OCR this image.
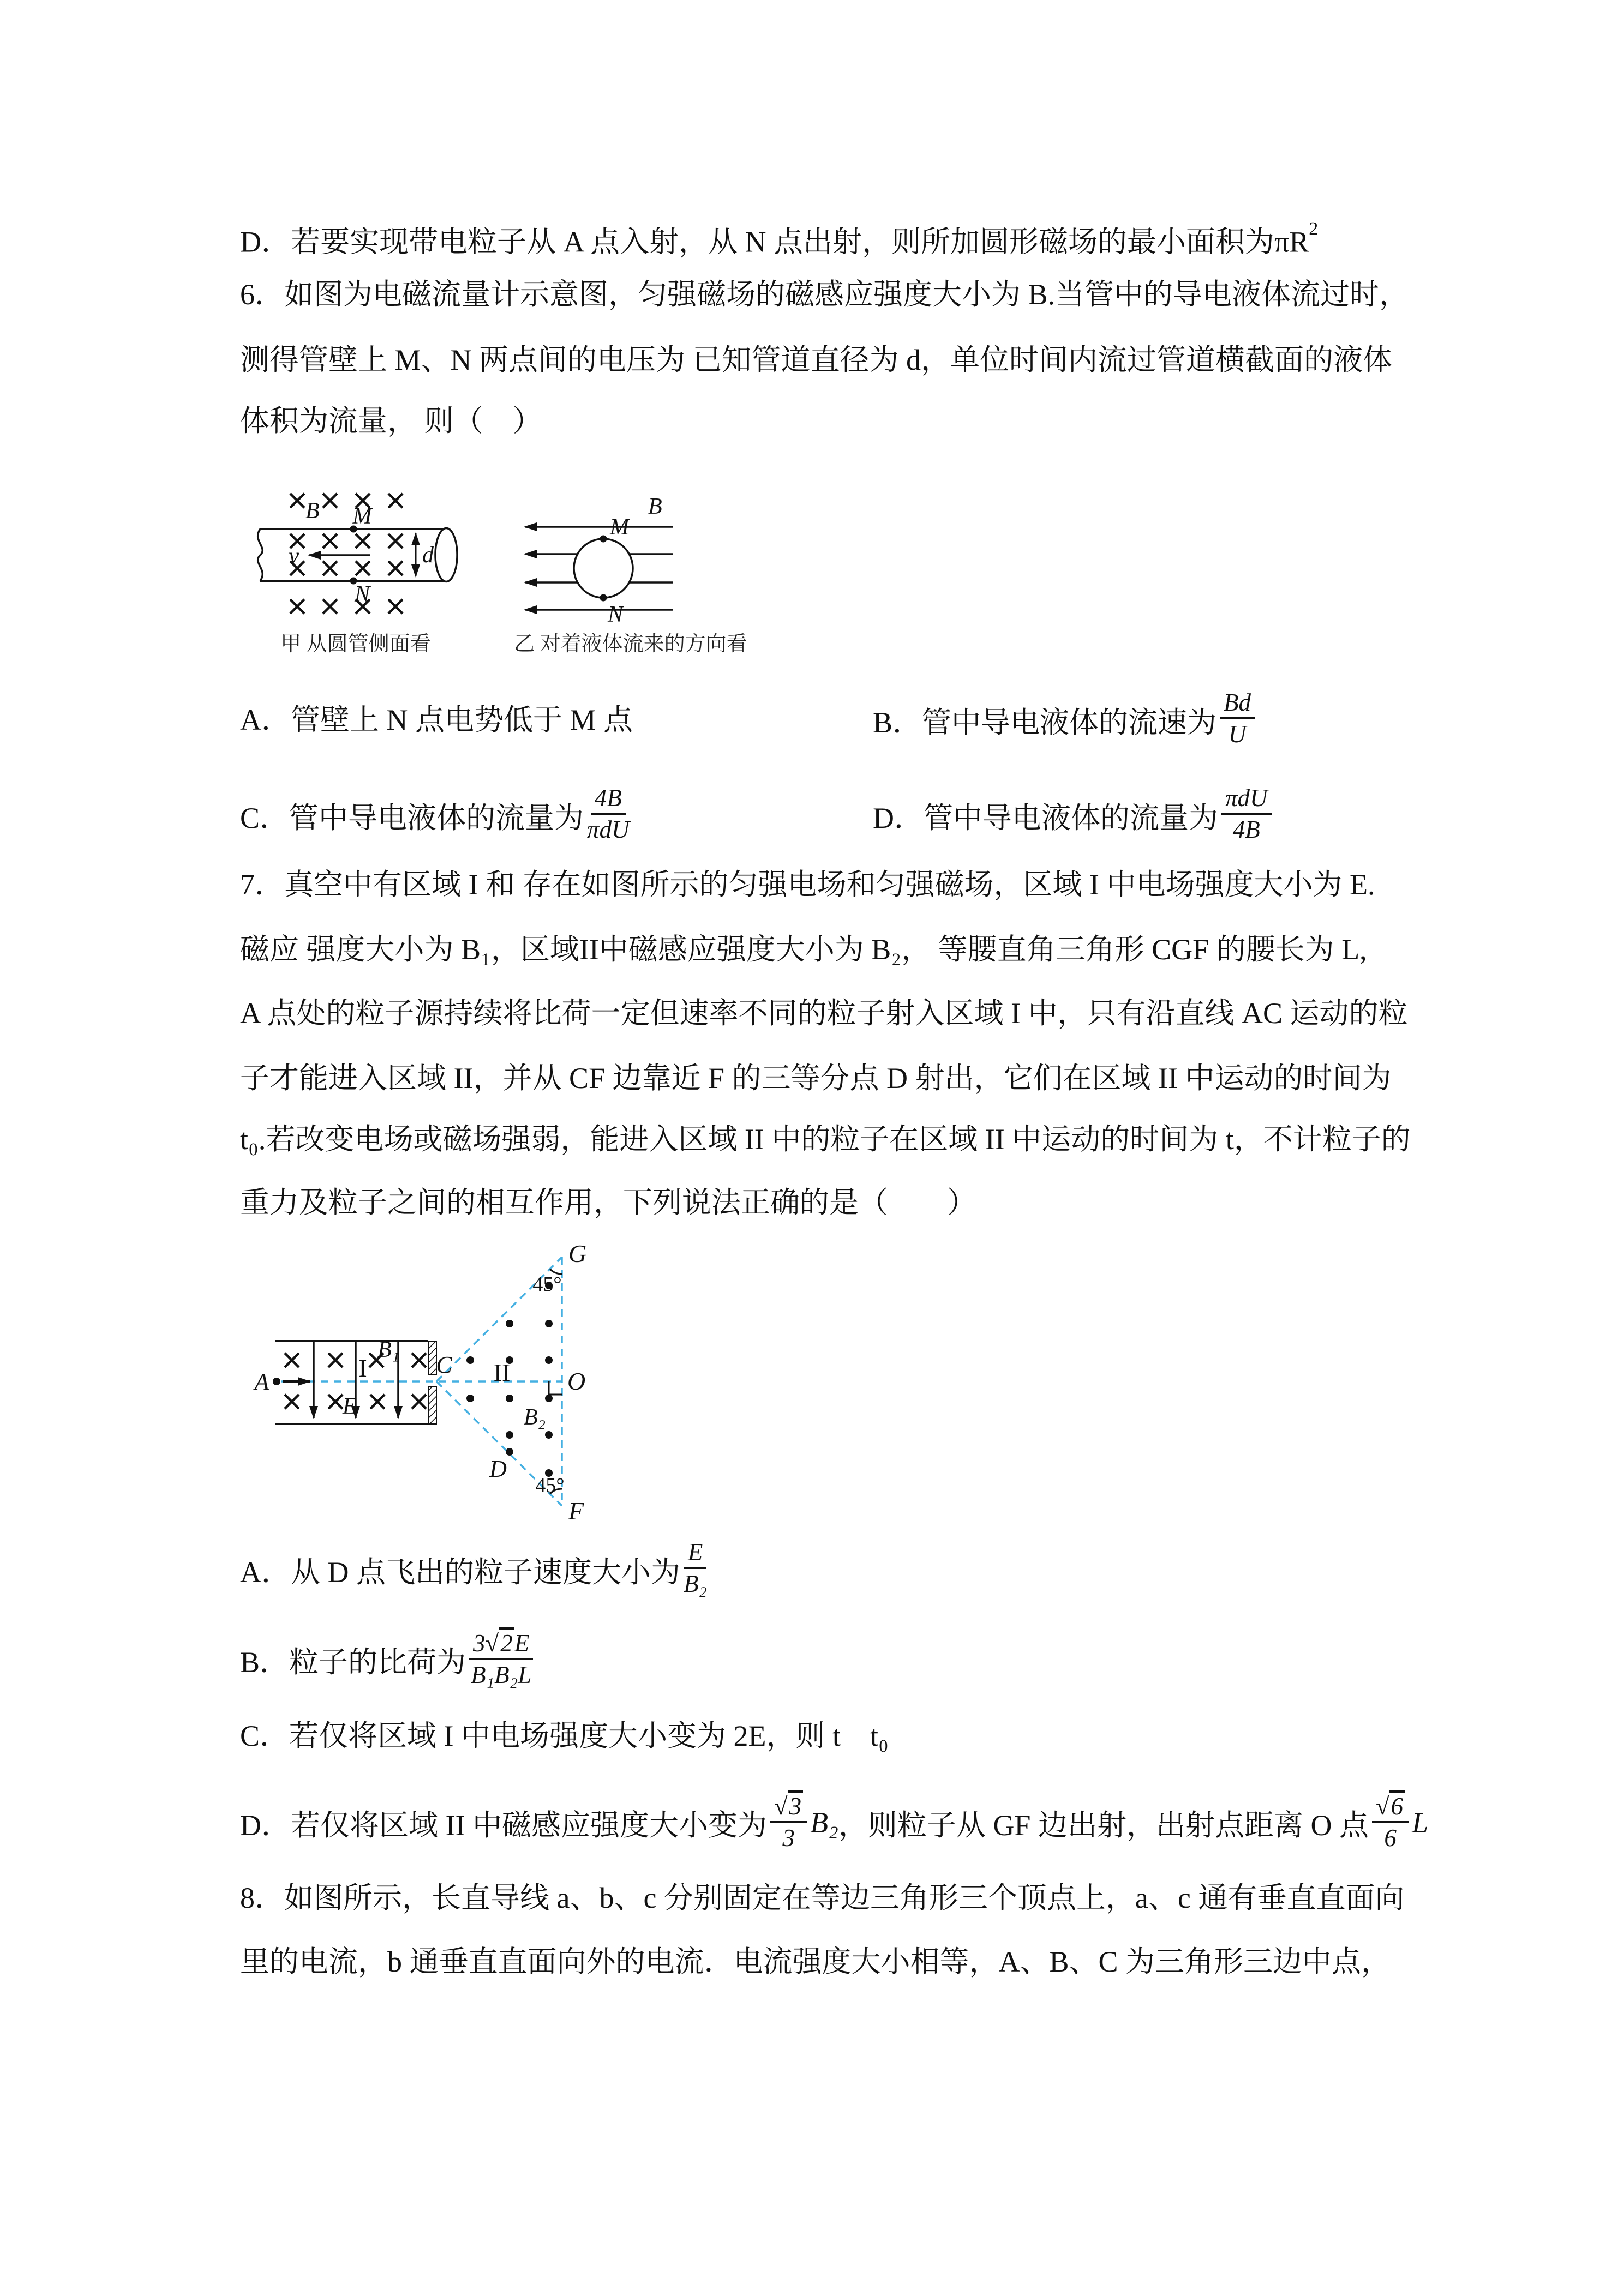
D．若要实现带电粒子从 A 点入射，从 N 点出射，则所加圆形磁场的最小面积为$\pi R^2$
6．如图为电磁流量计示意图，匀强磁场的磁感应强度大小为 B.当管中的导电液体流过时，
测得管壁上 M、N 两点间的电压为 已知管道直径为 d，单位时间内流过管道横截面的液体
体积为流量， 则（　）
B M
v	d
N
甲 从圆管侧面看
B
M
N
乙 对着液体流来的方向看
A．管壁上 N 点电势低于 M 点	B．管中导电液体的流速为 $\frac{Bd}{U}$
C．管中导电液体的流量为 $\frac{4B}{\text{πdU}}$	D．管中导电液体的流量为 $\frac{\text{πdU}}{4B}$
7．真空中有区域 I 和 存在如图所示的匀强电场和匀强磁场，区域 I 中电场强度大小为 E.
磁应 强度大小为 B₁，区域II中磁感应强度大小为 B₂， 等腰直角三角形 CGF 的腰长为 L,
A 点处的粒子源持续将比荷一定但速率不同的粒子射入区域 I 中，只有沿直线 AC 运动的粒
子才能进入区域 II，并从 CF 边靠近 F 的三等分点 D 射出，它们在区域 II 中运动的时间为
t₀.若改变电场或磁场强弱，能进入区域 II 中的粒子在区域 II 中运动的时间为 t，不计粒子的
重力及粒子之间的相互作用，下列说法正确的是（　　）
A
B₁
I
E
C
G
F
O
II
B₂
D
45°
45°
A．从 D 点飞出的粒子速度大小为 $\frac{E}{\text{B₂}}$
B．粒子的比荷为 $\frac{3 √ 2 E}{\text{B₁B₂L}}$
C．若仅将区域 I 中电场强度大小变为 2E，则 t　t₀
D．若仅将区域 II 中磁感应强度大小变为 $\frac{√ 3}{3} B_2$ ，则粒子从 GF 边出射，出射点距离 O 点 $\frac{√ 6}{6}$ L
8．如图所示，长直导线 a、b、c 分别固定在等边三角形三个顶点上，a、c 通有垂直直面向
里的电流，b 通垂直直面向外的电流．电流强度大小相等，A、B、C 为三角形三边中点，
